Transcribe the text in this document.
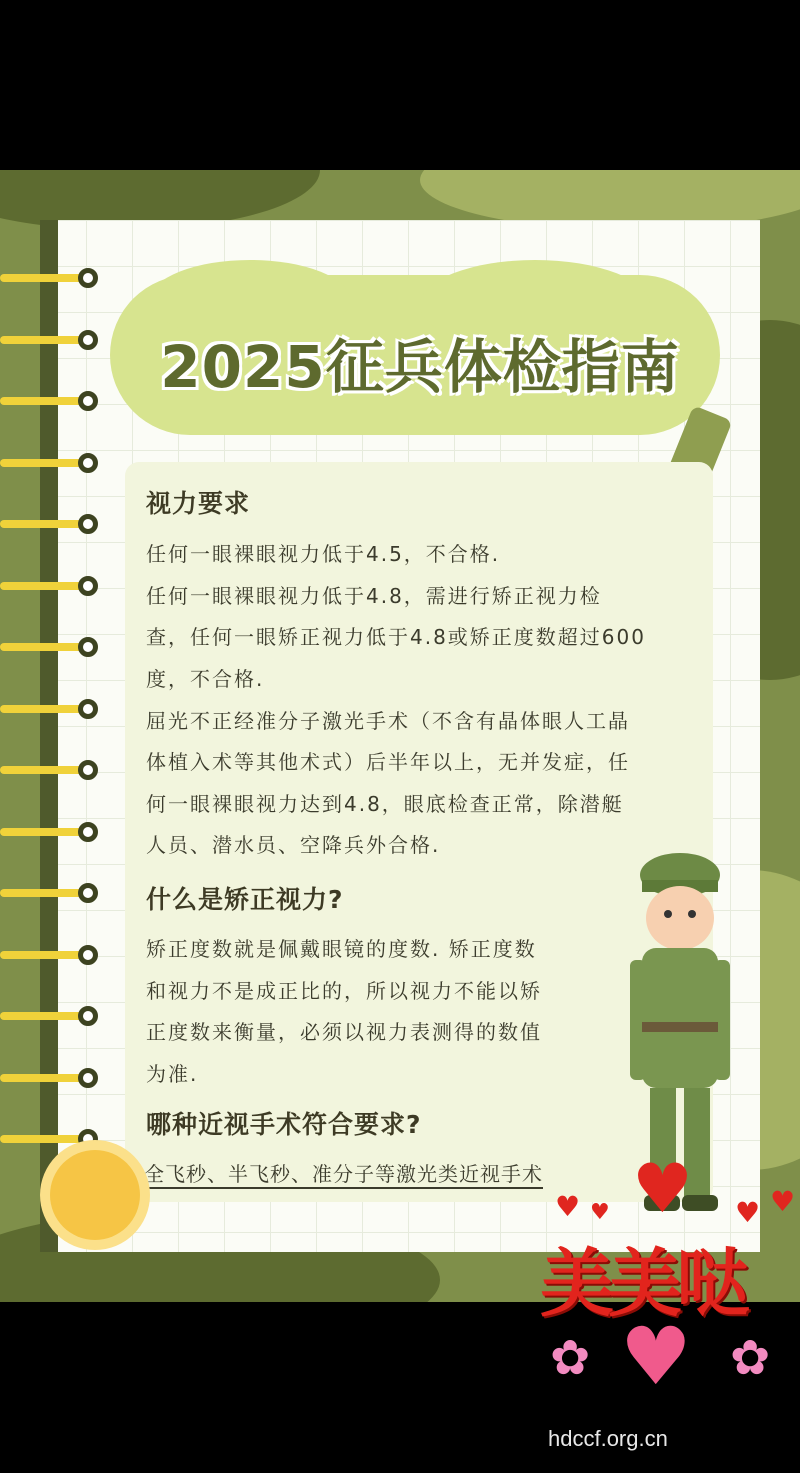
2025征兵体检指南
视力要求
任何一眼裸眼视力低于4.5，不合格.
任何一眼裸眼视力低于4.8，需进行矫正视力检
查，任何一眼矫正视力低于4.8或矫正度数超过600
度，不合格.
屈光不正经准分子激光手术（不含有晶体眼人工晶
体植入术等其他术式）后半年以上，无并发症，任
何一眼裸眼视力达到4.8，眼底检查正常，除潜艇
人员、潜水员、空降兵外合格.
什么是矫正视力?
矫正度数就是佩戴眼镜的度数. 矫正度数
和视力不是成正比的，所以视力不能以矫
正度数来衡量，必须以视力表测得的数值
为准.
哪种近视手术符合要求?
全飞秒、半飞秒、准分子等激光类近视手术
♥ ♥ ♥ ♥ ♥
美美哒
♥
✿	✿
hdccf.org.cn
